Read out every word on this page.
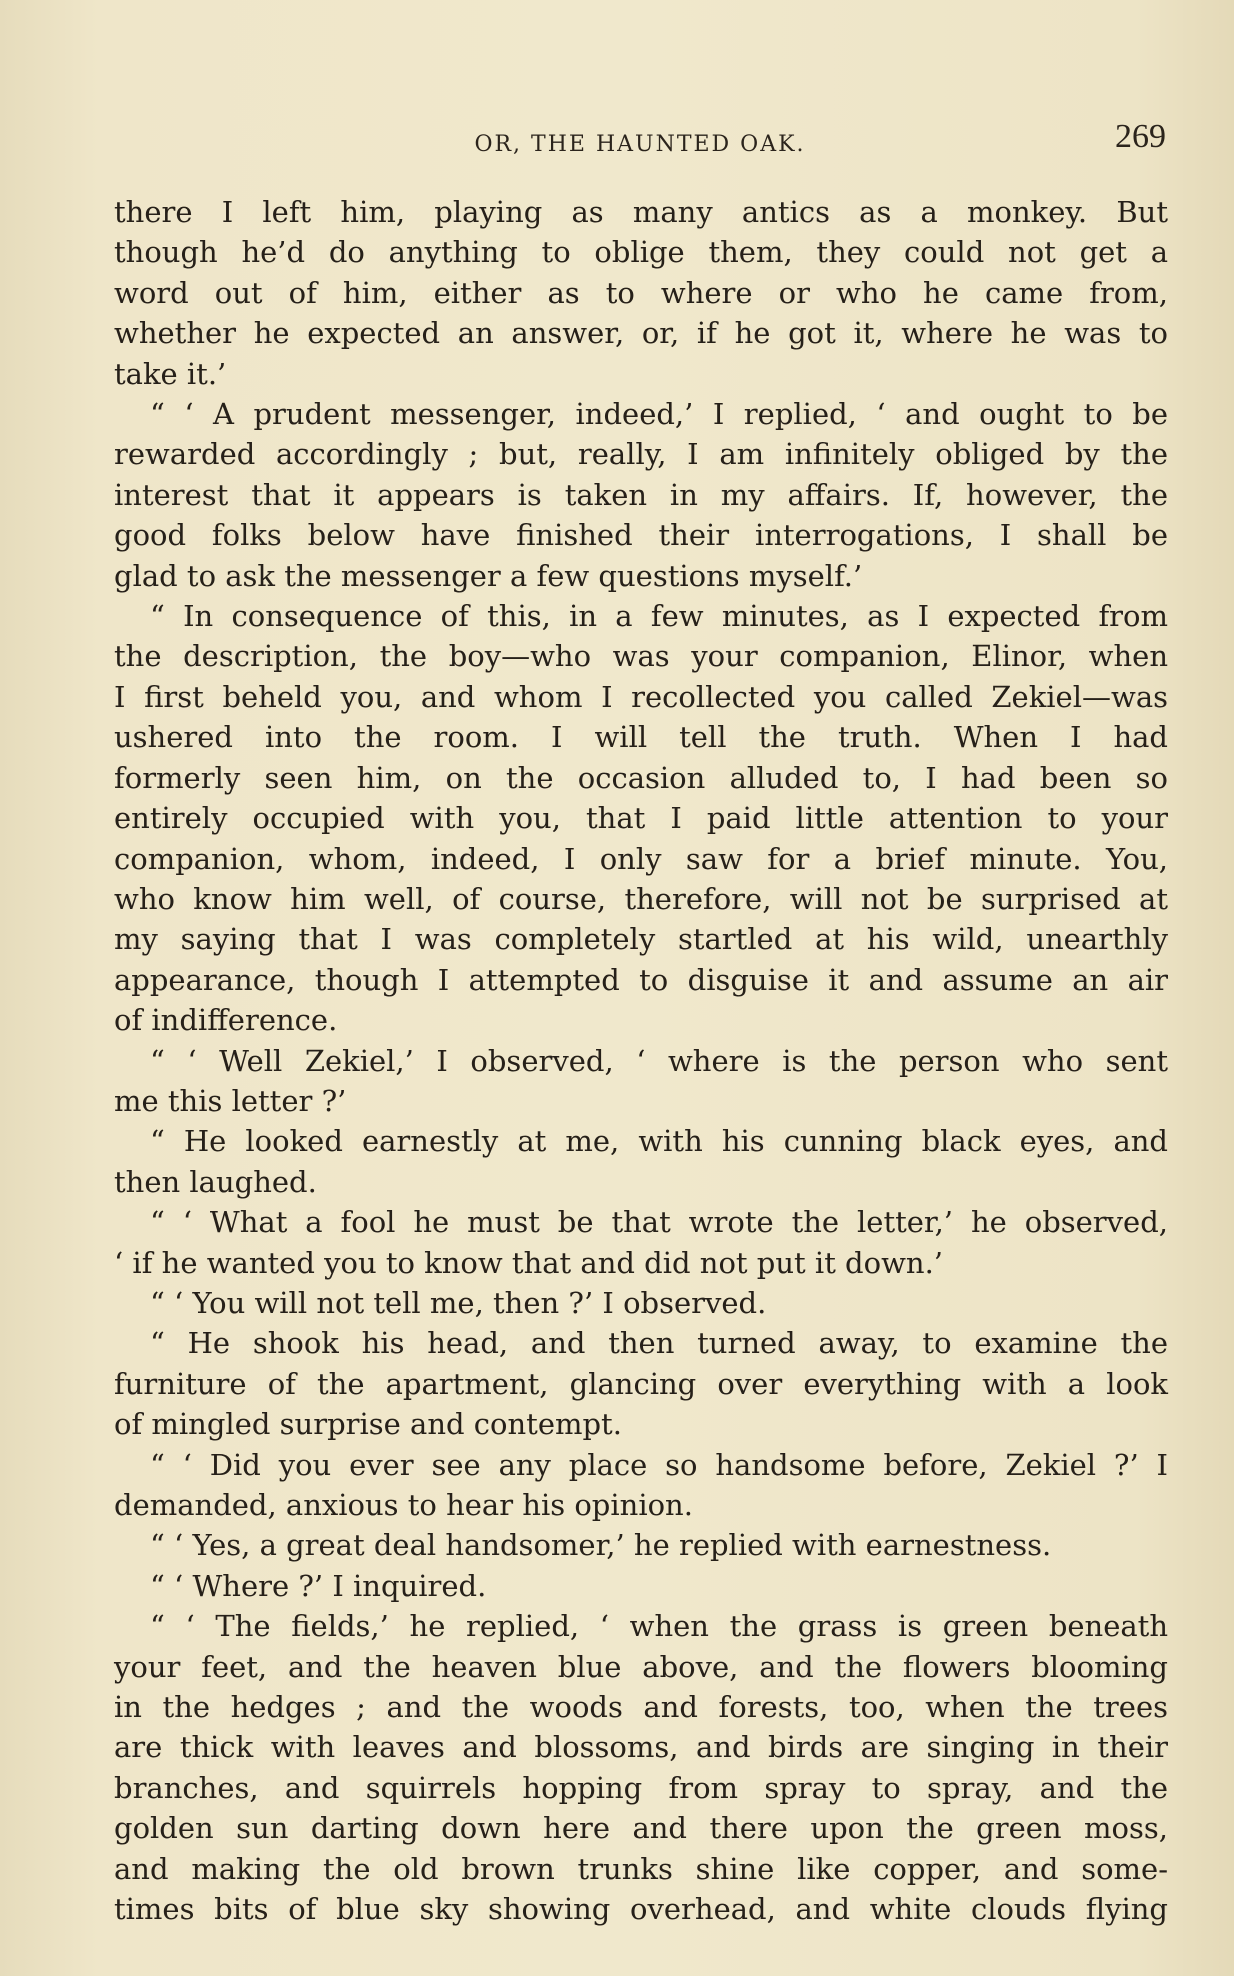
OR, THE HAUNTED OAK.	269
there I left him, playing as many antics as a monkey. But
though he’d do anything to oblige them, they could not get a
word out of him, either as to where or who he came from,
whether he expected an answer, or, if he got it, where he was to
take it.’
“ ‘ A prudent messenger, indeed,’ I replied, ‘ and ought to be
rewarded accordingly ; but, really, I am infinitely obliged by the
interest that it appears is taken in my affairs. If, however, the
good folks below have finished their interrogations, I shall be
glad to ask the messenger a few questions myself.’
“ In consequence of this, in a few minutes, as I expected from
the description, the boy—who was your companion, Elinor, when
I first beheld you, and whom I recollected you called Zekiel—was
ushered into the room. I will tell the truth. When I had
formerly seen him, on the occasion alluded to, I had been so
entirely occupied with you, that I paid little attention to your
companion, whom, indeed, I only saw for a brief minute. You,
who know him well, of course, therefore, will not be surprised at
my saying that I was completely startled at his wild, unearthly
appearance, though I attempted to disguise it and assume an air
of indifference.
“ ‘ Well Zekiel,’ I observed, ‘ where is the person who sent
me this letter ?’
“ He looked earnestly at me, with his cunning black eyes, and
then laughed.
“ ‘ What a fool he must be that wrote the letter,’ he observed,
‘ if he wanted you to know that and did not put it down.’
“ ‘ You will not tell me, then ?’ I observed.
“ He shook his head, and then turned away, to examine the
furniture of the apartment, glancing over everything with a look
of mingled surprise and contempt.
“ ‘ Did you ever see any place so handsome before, Zekiel ?’ I
demanded, anxious to hear his opinion.
“ ‘ Yes, a great deal handsomer,’ he replied with earnestness.
“ ‘ Where ?’ I inquired.
“ ‘ The fields,’ he replied, ‘ when the grass is green beneath
your feet, and the heaven blue above, and the flowers blooming
in the hedges ; and the woods and forests, too, when the trees
are thick with leaves and blossoms, and birds are singing in their
branches, and squirrels hopping from spray to spray, and the
golden sun darting down here and there upon the green moss,
and making the old brown trunks shine like copper, and some-
times bits of blue sky showing overhead, and white clouds flying
